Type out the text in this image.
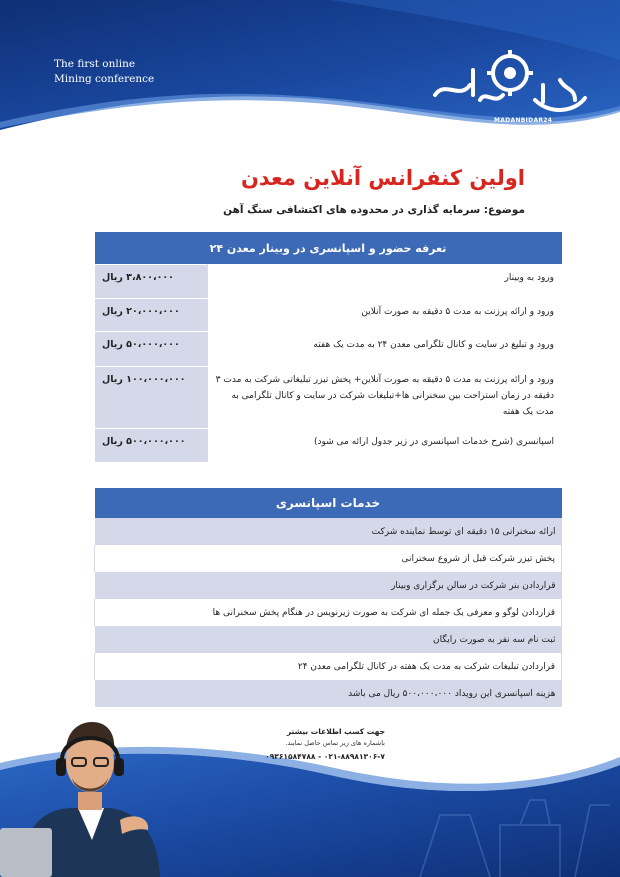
The first online
Mining conference
MADANBIDAR24
اولین کنفرانس آنلاین معدن
موضوع: سرمایه گذاری در محدوده های اکتشافی سنگ آهن
تعرفه حضور و اسپانسری در وبینار معدن ۲۴	
ورود به وبینار	۳،۸۰۰،۰۰۰ ریال
ورود و ارائه پرزنت به مدت ۵ دقیقه به صورت آنلاین	۲۰،۰۰۰،۰۰۰ ریال
ورود و تبلیغ در سایت و کانال تلگرامی معدن ۲۴ به مدت یک هفته	۵۰،۰۰۰،۰۰۰ ریال
ورود و ارائه پرزنت به مدت ۵ دقیقه به صورت آنلاین+ پخش تیزر تبلیغاتی شرکت به مدت ۳ دقیقه در زمان استراحت بین سخنرانی ها+تبلیغات شرکت در سایت و کانال تلگرامی به مدت یک هفته	۱۰۰،۰۰۰،۰۰۰ ریال
اسپانسری (شرح خدمات اسپانسری در زیر جدول ارائه می شود)	۵۰۰،۰۰۰،۰۰۰ ریال
خدمات اسپانسری
ارائه سخنرانی ۱۵ دقیقه ای توسط نماینده شرکت
پخش تیزر شرکت قبل از شروع سخنرانی
قراردادن بنر شرکت در سالن برگزاری وبینار
قراردادن لوگو و معرفی یک جمله ای شرکت به صورت زیرنویس در هنگام پخش سخنرانی ها
ثبت نام سه نفر به صورت رایگان
قراردادن تبلیغات شرکت به مدت یک هفته در کانال تلگرامی معدن ۲۴
هزینه اسپانسری این رویداد ۵۰۰،۰۰۰،۰۰۰ ریال می باشد
جهت کسب اطلاعات بیشتر
باشماره های زیر تماس حاصل نمایند.
۰۲۱-۸۸۹۸۱۳۰۶-۷ - ۰۹۳۶۱۵۸۴۷۸۸
